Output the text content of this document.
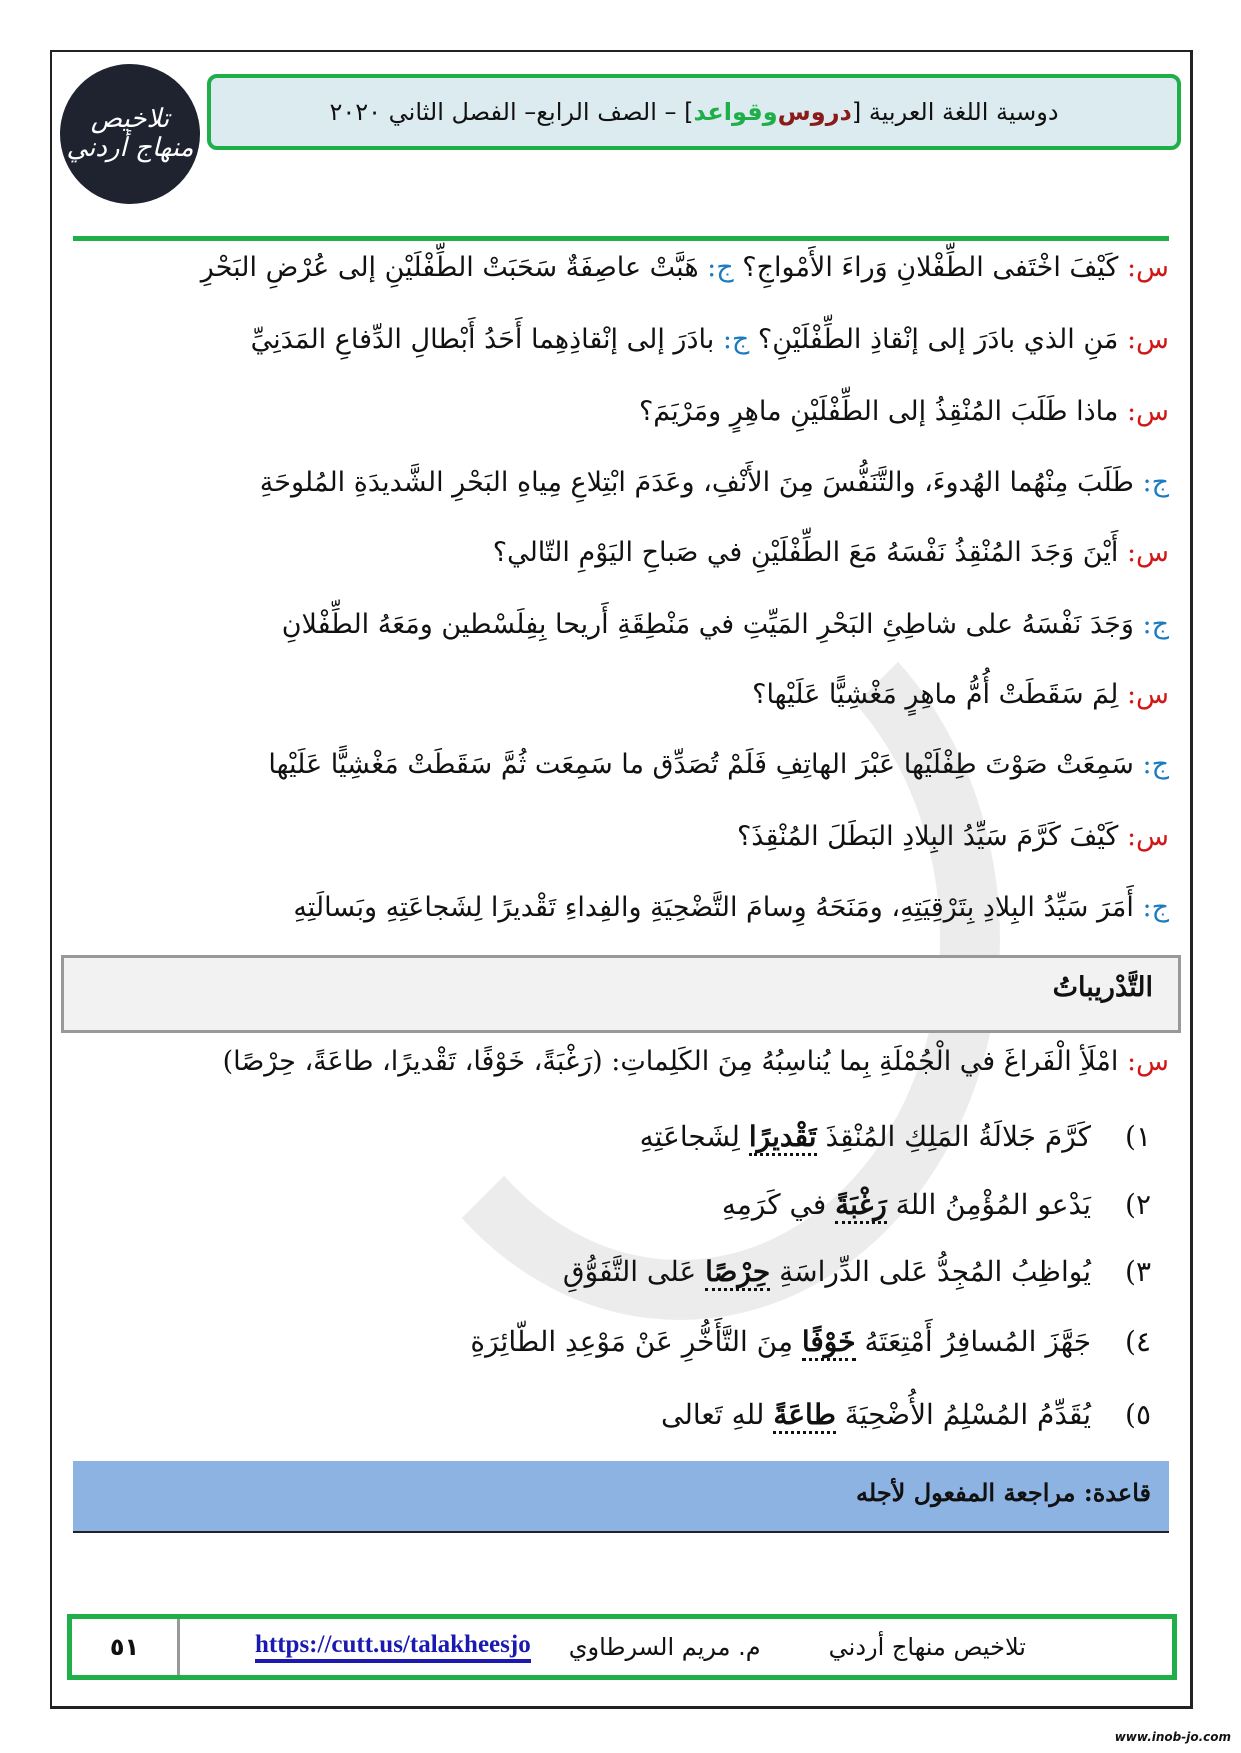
تلاخيص منهاج أردني
دوسية اللغة العربية [
دروس
و
قواعد
] – الصف الرابع– الفصل الثاني ٢٠٢٠
س: كَيْفَ اخْتَفى الطِّفْلانِ وَراءَ الأَمْواجِ؟ ج: هَبَّتْ عاصِفَةٌ سَحَبَتْ الطِّفْلَيْنِ إلى عُرْضِ البَحْرِ
س: مَنِ الذي بادَرَ إلى إنْقاذِ الطِّفْلَيْنِ؟ ج: بادَرَ إلى إنْقاذِهِما أَحَدُ أَبْطالِ الدِّفاعِ المَدَنِيِّ
س: ماذا طَلَبَ المُنْقِذُ إلى الطِّفْلَيْنِ ماهِرٍ ومَرْيَمَ؟
ج: طَلَبَ مِنْهُما الهُدوءَ، والتَّنَفُّسَ مِنَ الأَنْفِ، وعَدَمَ ابْتِلاعِ مِياهِ البَحْرِ الشَّديدَةِ المُلوحَةِ
س: أَيْنَ وَجَدَ المُنْقِذُ نَفْسَهُ مَعَ الطِّفْلَيْنِ في صَباحِ اليَوْمِ التّالي؟
ج: وَجَدَ نَفْسَهُ على شاطِئِ البَحْرِ المَيِّتِ في مَنْطِقَةِ أَريحا بِفِلَسْطين ومَعَهُ الطِّفْلانِ
س: لِمَ سَقَطَتْ أُمُّ ماهِرٍ مَغْشِيًّا عَلَيْها؟
ج: سَمِعَتْ صَوْتَ طِفْلَيْها عَبْرَ الهاتِفِ فَلَمْ تُصَدِّق ما سَمِعَت ثُمَّ سَقَطَتْ مَغْشِيًّا عَلَيْها
س: كَيْفَ كَرَّمَ سَيِّدُ البِلادِ البَطَلَ المُنْقِذَ؟
ج: أَمَرَ سَيِّدُ البِلادِ بِتَرْقِيَتِهِ، ومَنَحَهُ وِسامَ التَّضْحِيَةِ والفِداءِ تَقْديرًا لِشَجاعَتِهِ وبَسالَتِهِ
التَّدْريباتُ
س: امْلَأِ الْفَراغَ في الْجُمْلَةِ بِما يُناسِبُهُ مِنَ الكَلِماتِ: (رَغْبَةً، خَوْفًا، تَقْديرًا، طاعَةً، حِرْصًا)
١)كَرَّمَ جَلالَةُ المَلِكِ المُنْقِذَ تَقْديرًا لِشَجاعَتِهِ
٢)يَدْعو المُؤْمِنُ اللهَ رَغْبَةً في كَرَمِهِ
٣)يُواظِبُ المُجِدُّ عَلى الدِّراسَةِ حِرْصًا عَلى التَّفَوُّقِ
٤)جَهَّزَ المُسافِرُ أَمْتِعَتَهُ خَوْفًا مِنَ التَّأَخُّرِ عَنْ مَوْعِدِ الطّائِرَةِ
٥)يُقَدِّمُ المُسْلِمُ الأُضْحِيَةَ طاعَةً للهِ تَعالى
قاعدة: مراجعة المفعول لأجله
٥١	https://cutt.us/talakheesjo م. مريم السرطاوي	تلاخيص منهاج أردني
www.inob-jo.com
